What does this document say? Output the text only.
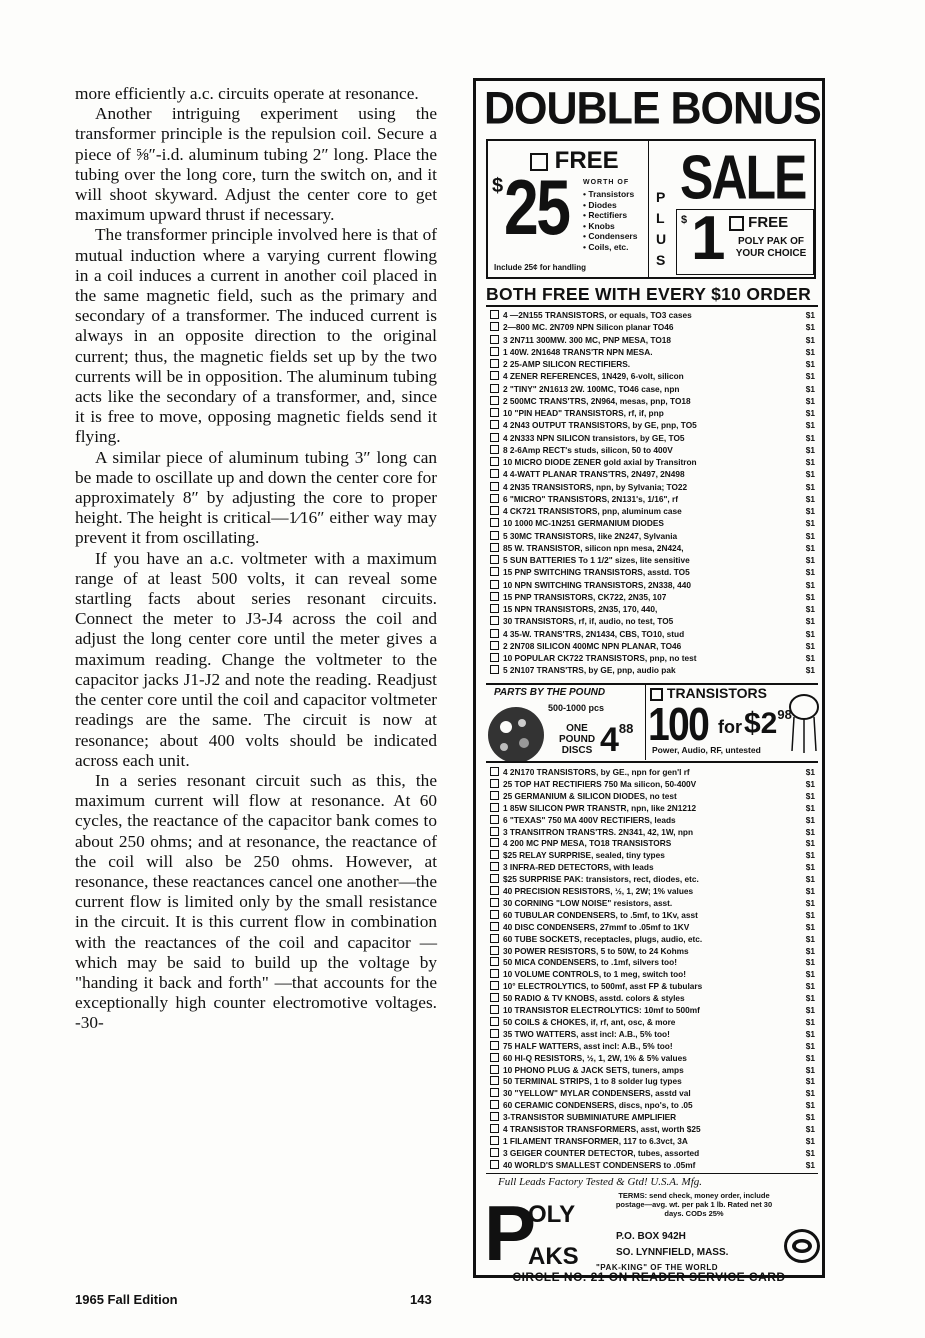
more efficiently a.c. circuits operate at resonance.

Another intriguing experiment using the transformer principle is the repulsion coil. Secure a piece of ⅝″-i.d. aluminum tubing 2″ long. Place the tubing over the long core, turn the switch on, and it will shoot skyward. Adjust the center core to get maximum upward thrust if necessary.

The transformer principle involved here is that of mutual induction where a varying current flowing in a coil induces a current in another coil placed in the same magnetic field, such as the primary and secondary of a transformer. The induced current is always in an opposite direction to the original current; thus, the magnetic fields set up by the two currents will be in opposition. The aluminum tubing acts like the secondary of a transformer, and, since it is free to move, opposing magnetic fields send it flying.

A similar piece of aluminum tubing 3″ long can be made to oscillate up and down the center core for approximately 8″ by adjusting the core to proper height. The height is critical—1⁄16″ either way may prevent it from oscillating.

If you have an a.c. voltmeter with a maximum range of at least 500 volts, it can reveal some startling facts about series resonant circuits. Connect the meter to J3-J4 across the coil and adjust the long center core until the meter gives a maximum reading. Change the voltmeter to the capacitor jacks J1-J2 and note the reading. Readjust the center core until the coil and capacitor voltmeter readings are the same. The circuit is now at resonance; about 400 volts should be indicated across each unit.

In a series resonant circuit such as this, the maximum current will flow at resonance. At 60 cycles, the reactance of the capacitor bank comes to about 250 ohms; and at resonance, the reactance of the coil will also be 250 ohms. However, at resonance, these reactances cancel one another—the current flow is limited only by the small resistance in the circuit. It is this current flow in combination with the reactances of the coil and capacitor —which may be said to build up the voltage by "handing it back and forth" —that accounts for the exceptionally high counter electromotive voltages. -30-

1965 Fall Edition	143
DOUBLE BONUS
FREE
$ 25 WORTH OF
• Transistors
• Diodes
• Rectifiers
• Knobs
• Condensers
• Coils, etc.
Include 25¢ for handling
P
L
U
S
SALE
$ 1	FREE
POLY PAK OF YOUR CHOICE
BOTH FREE WITH EVERY $10 ORDER
4 —2N155 TRANSISTORS, or equals, TO3 cases	$1
2—800 MC. 2N709 NPN Silicon planar TO46	$1
3 2N711 300MW. 300 MC, PNP MESA, TO18	$1
1 40W. 2N1648 TRANS'TR NPN MESA.	$1
2 25-AMP SILICON RECTIFIERS.	$1
4 ZENER REFERENCES, 1N429, 6-volt, silicon	$1
2 "TINY" 2N1613 2W. 100MC, TO46 case, npn	$1
2 500MC TRANS'TRS, 2N964, mesas, pnp, TO18	$1
10 "PIN HEAD" TRANSISTORS, rf, if, pnp	$1
4 2N43 OUTPUT TRANSISTORS, by GE, pnp, TO5	$1
4 2N333 NPN SILICON transistors, by GE, TO5	$1
8 2-6Amp RECT's studs, silicon, 50 to 400V	$1
10 MICRO DIODE ZENER gold axial by Transitron	$1
4 4-WATT PLANAR TRANS'TRS, 2N497, 2N498	$1
4 2N35 TRANSISTORS, npn, by Sylvania; TO22	$1
6 "MICRO" TRANSISTORS, 2N131's, 1/16", rf	$1
4 CK721 TRANSISTORS, pnp, aluminum case	$1
10 1000 MC-1N251 GERMANIUM DIODES	$1
5 30MC TRANSISTORS, like 2N247, Sylvania	$1
85 W. TRANSISTOR, silicon npn mesa, 2N424,	$1
5 SUN BATTERIES To 1 1/2" sizes, lite sensitive	$1
15 PNP SWITCHING TRANSISTORS, asstd. TO5	$1
10 NPN SWITCHING TRANSISTORS, 2N338, 440	$1
15 PNP TRANSISTORS, CK722, 2N35, 107	$1
15 NPN TRANSISTORS, 2N35, 170, 440,	$1
30 TRANSISTORS, rf, if, audio, no test, TO5	$1
4 35-W. TRANS'TRS, 2N1434, CBS, TO10, stud	$1
2 2N708 SILICON 400MC NPN PLANAR, TO46	$1
10 POPULAR CK722 TRANSISTORS, pnp, no test	$1
5 2N107 TRANS'TRS, by GE, pnp, audio pak	$1
PARTS BY THE POUND
500-1000 pcs
ONE POUND DISCS $4^{88}$
TRANSISTORS
100 for $\$2^{98}$
Power, Audio, RF, untested
4 2N170 TRANSISTORS, by GE., npn for gen'l rf	$1
25 TOP HAT RECTIFIERS 750 Ma silicon, 50-400V	$1
25 GERMANIUM & SILICON DIODES, no test	$1
1 85W SILICON PWR TRANSTR, npn, like 2N1212	$1
6 "TEXAS" 750 MA 400V RECTIFIERS, leads	$1
3 TRANSITRON TRANS'TRS. 2N341, 42, 1W, npn	$1
4 200 MC PNP MESA, TO18 TRANSISTORS	$1
$25 RELAY SURPRISE, sealed, tiny types	$1
3 INFRA-RED DETECTORS, with leads	$1
$25 SURPRISE PAK: transistors, rect, diodes, etc.	$1
40 PRECISION RESISTORS, ½, 1, 2W; 1% values	$1
30 CORNING "LOW NOISE" resistors, asst.	$1
60 TUBULAR CONDENSERS, to .5mf, to 1Kv, asst	$1
40 DISC CONDENSERS, 27mmf to .05mf to 1KV	$1
60 TUBE SOCKETS, receptacles, plugs, audio, etc.	$1
30 POWER RESISTORS, 5 to 50W, to 24 Kohms	$1
50 MICA CONDENSERS, to .1mf, silvers too!	$1
10 VOLUME CONTROLS, to 1 meg, switch too!	$1
10° ELECTROLYTICS, to 500mf, asst FP & tubulars	$1
50 RADIO & TV KNOBS, asstd. colors & styles	$1
10 TRANSISTOR ELECTROLYTICS: 10mf to 500mf	$1
50 COILS & CHOKES, if, rf, ant, osc, & more	$1
35 TWO WATTERS, asst incl: A.B., 5% too!	$1
75 HALF WATTERS, asst incl: A.B., 5% too!	$1
60 HI-Q RESISTORS, ½, 1, 2W, 1% & 5% values	$1
10 PHONO PLUG & JACK SETS, tuners, amps	$1
50 TERMINAL STRIPS, 1 to 8 solder lug types	$1
30 "YELLOW" MYLAR CONDENSERS, asstd val	$1
60 CERAMIC CONDENSERS, discs, npo's, to .05	$1
3-TRANSISTOR SUBMINIATURE AMPLIFIER	$1
4 TRANSISTOR TRANSFORMERS, asst, worth $25	$1
1 FILAMENT TRANSFORMER, 117 to 6.3vct, 3A	$1
3 GEIGER COUNTER DETECTOR, tubes, assorted	$1
40 WORLD'S SMALLEST CONDENSERS to .05mf	$1
Full Leads Factory Tested & Gtd! U.S.A. Mfg.
P
OLY
AKS
TERMS: send check, money order, include postage—avg. wt. per pak 1 lb. Rated net 30 days. CODs 25%
P.O. BOX 942H
SO. LYNNFIELD, MASS.
"PAK-KING" OF THE WORLD
CIRCLE NO. 21 ON READER SERVICE CARD
